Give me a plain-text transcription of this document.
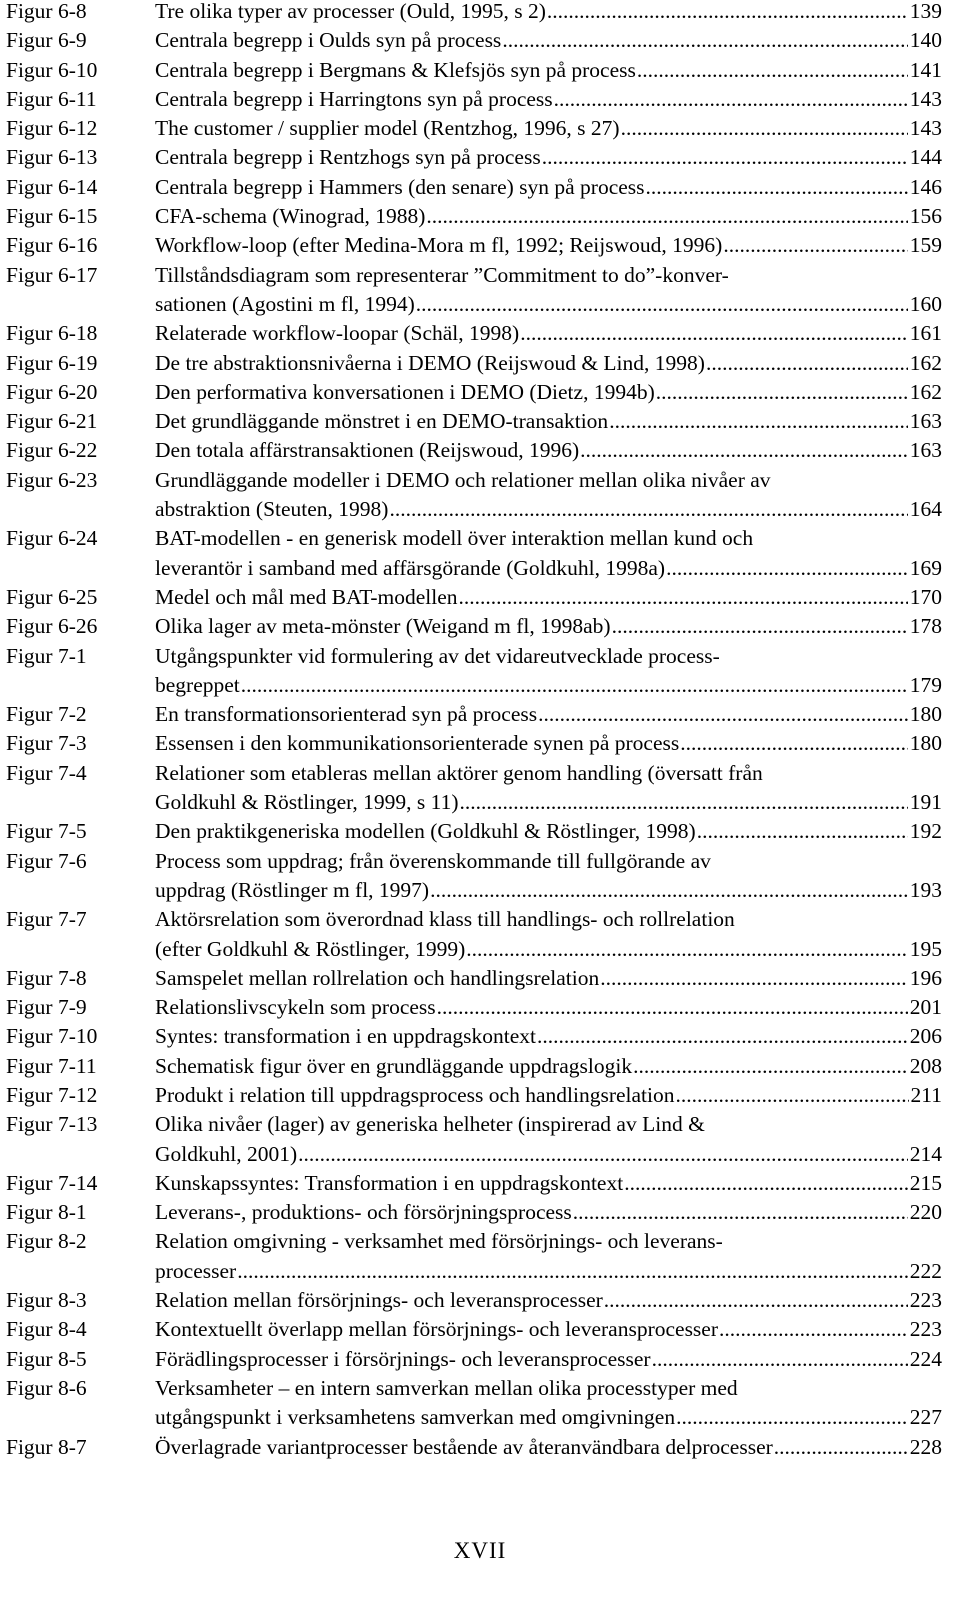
Figur 6-8	Tre olika typer av processer (Ould, 1995, s 2) .....	139
Figur 6-9	Centrala begrepp i Oulds syn på process .....	140
Figur 6-10	Centrala begrepp i Bergmans & Klefsjös syn på process .....	141
Figur 6-11	Centrala begrepp i Harringtons syn på process .....	143
Figur 6-12	The customer / supplier model (Rentzhog, 1996, s 27) .....	143
Figur 6-13	Centrala begrepp i Rentzhogs syn på process .....	144
Figur 6-14	Centrala begrepp i Hammers (den senare) syn på process .....	146
Figur 6-15	CFA-schema (Winograd, 1988) .....	156
Figur 6-16	Workflow-loop (efter Medina-Mora m fl, 1992; Reijswoud, 1996) .....	159
Figur 6-17	Tillståndsdiagram som representerar ”Commitment to do”-konver-
sationen (Agostini m fl, 1994) .....	160
Figur 6-18	Relaterade workflow-loopar (Schäl, 1998) .....	161
Figur 6-19	De tre abstraktionsnivåerna i DEMO (Reijswoud & Lind, 1998) .....	162
Figur 6-20	Den performativa konversationen i DEMO (Dietz, 1994b) .....	162
Figur 6-21	Det grundläggande mönstret i en DEMO-transaktion .....	163
Figur 6-22	Den totala affärstransaktionen (Reijswoud, 1996) .....	163
Figur 6-23	Grundläggande modeller i DEMO och relationer mellan olika nivåer av
abstraktion (Steuten, 1998) .....	164
Figur 6-24	BAT-modellen - en generisk modell över interaktion mellan kund och
leverantör i samband med affärsgörande (Goldkuhl, 1998a) .....	169
Figur 6-25	Medel och mål med BAT-modellen .....	170
Figur 6-26	Olika lager av meta-mönster (Weigand m fl, 1998ab) .....	178
Figur 7-1	Utgångspunkter vid formulering av det vidareutvecklade process-
begreppet .....	179
Figur 7-2	En transformationsorienterad syn på process .....	180
Figur 7-3	Essensen i den kommunikationsorienterade synen på process .....	180
Figur 7-4	Relationer som etableras mellan aktörer genom handling (översatt från
Goldkuhl & Röstlinger, 1999, s 11) .....	191
Figur 7-5	Den praktikgeneriska modellen (Goldkuhl & Röstlinger, 1998) .....	192
Figur 7-6	Process som uppdrag; från överenskommande till fullgörande av
uppdrag (Röstlinger m fl, 1997) .....	193
Figur 7-7	Aktörsrelation som överordnad klass till handlings- och rollrelation
(efter Goldkuhl & Röstlinger, 1999) .....	195
Figur 7-8	Samspelet mellan rollrelation och handlingsrelation .....	196
Figur 7-9	Relationslivscykeln som process .....	201
Figur 7-10	Syntes: transformation i en uppdragskontext .....	206
Figur 7-11	Schematisk figur över en grundläggande uppdragslogik .....	208
Figur 7-12	Produkt i relation till uppdragsprocess och handlingsrelation .....	211
Figur 7-13	Olika nivåer (lager) av generiska helheter (inspirerad av Lind &
Goldkuhl, 2001) .....	214
Figur 7-14	Kunskapssyntes: Transformation i en uppdragskontext .....	215
Figur 8-1	Leverans-, produktions- och försörjningsprocess .....	220
Figur 8-2	Relation omgivning - verksamhet med försörjnings- och leverans-
processer .....	222
Figur 8-3	Relation mellan försörjnings- och leveransprocesser .....	223
Figur 8-4	Kontextuellt överlapp mellan försörjnings- och leveransprocesser .....	223
Figur 8-5	Förädlingsprocesser i försörjnings- och leveransprocesser .....	224
Figur 8-6	Verksamheter – en intern samverkan mellan olika processtyper med
utgångspunkt i verksamhetens samverkan med omgivningen .....	227
Figur 8-7	Överlagrade variantprocesser bestående av återanvändbara delprocesser .....	228
XVII
